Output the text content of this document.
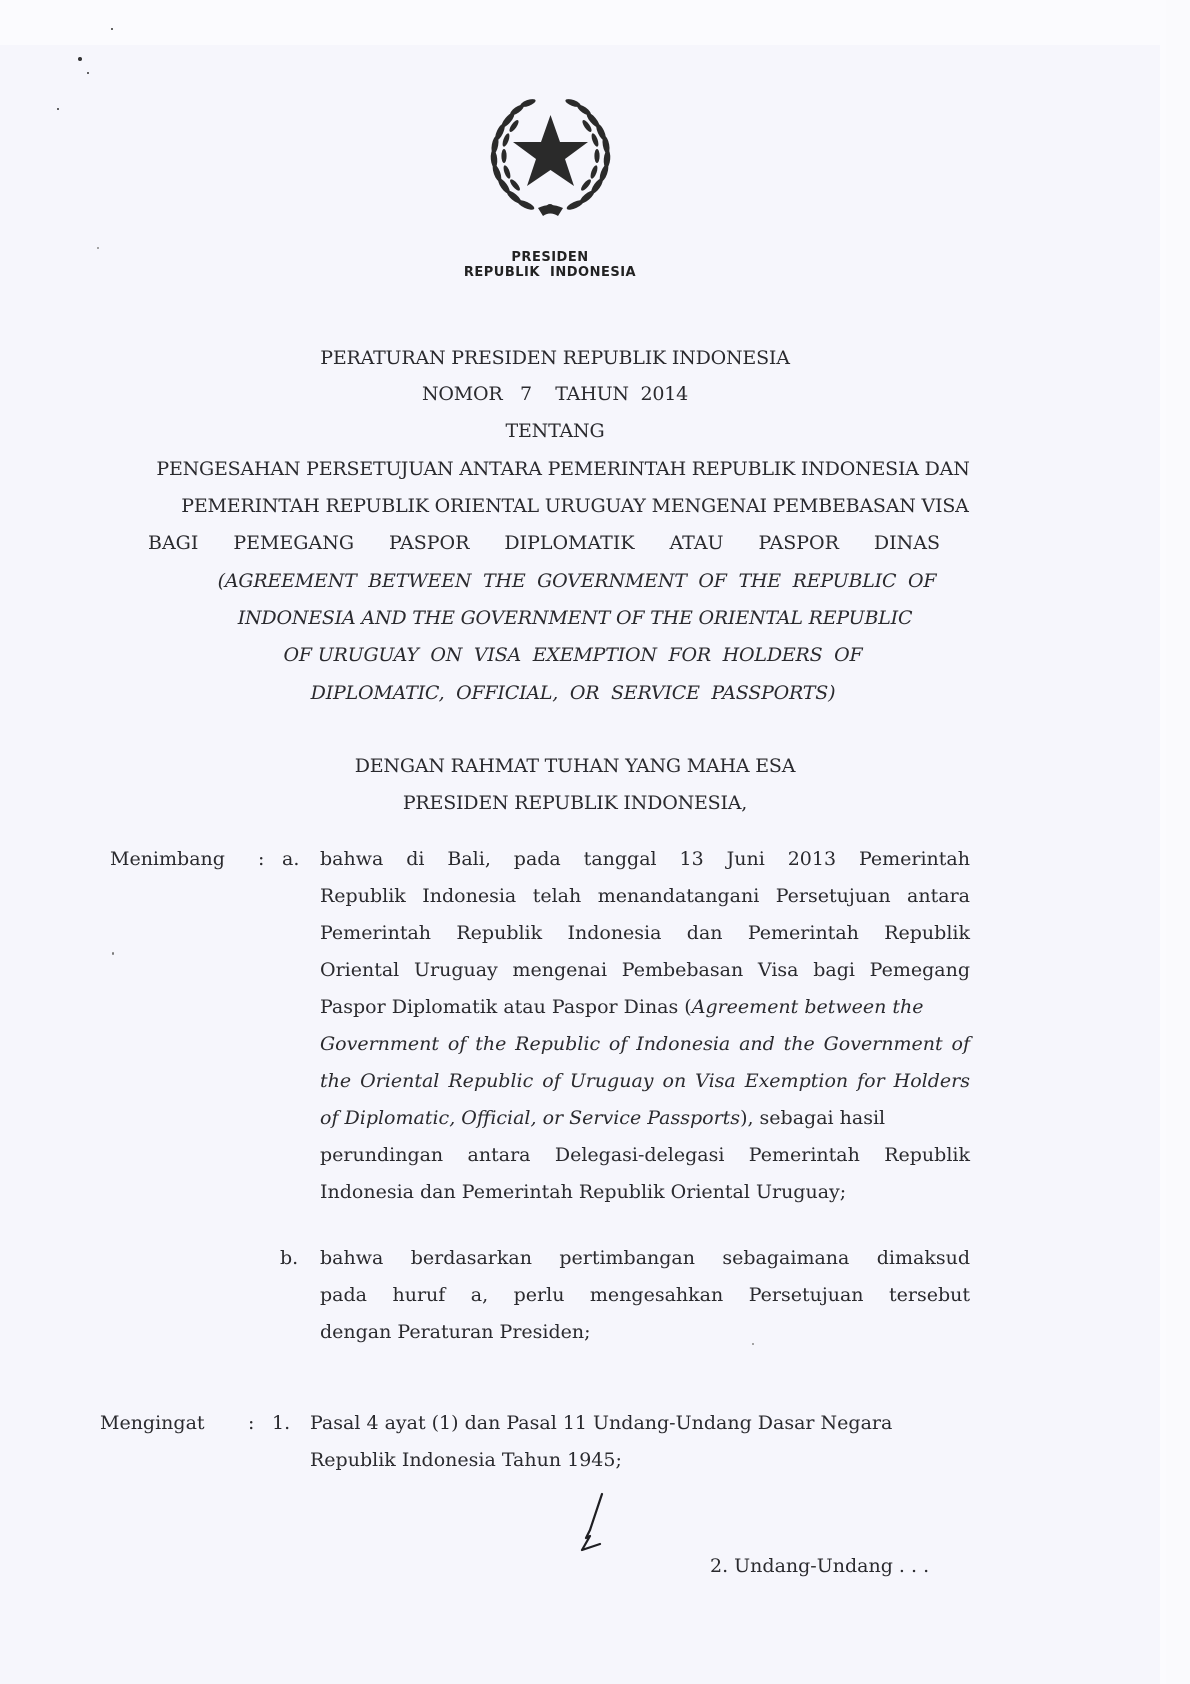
PRESIDEN
REPUBLIK  INDONESIA
PERATURAN PRESIDEN REPUBLIK INDONESIA
NOMOR   7    TAHUN  2014
TENTANG
PENGESAHAN PERSETUJUAN ANTARA PEMERINTAH REPUBLIK INDONESIA DAN
PEMERINTAH REPUBLIK ORIENTAL URUGUAY MENGENAI PEMBEBASAN VISA
BAGI PEMEGANG PASPOR DIPLOMATIK ATAU PASPOR DINAS
(AGREEMENT  BETWEEN  THE  GOVERNMENT  OF  THE  REPUBLIC  OF
INDONESIA AND THE GOVERNMENT OF THE ORIENTAL REPUBLIC
OF URUGUAY  ON  VISA  EXEMPTION  FOR  HOLDERS  OF
DIPLOMATIC,  OFFICIAL,  OR  SERVICE  PASSPORTS)
DENGAN RAHMAT TUHAN YANG MAHA ESA
PRESIDEN REPUBLIK INDONESIA,
Menimbang : a. bahwa di Bali, pada tanggal 13 Juni 2013 Pemerintah
Republik Indonesia telah menandatangani Persetujuan antara
Pemerintah Republik Indonesia dan Pemerintah Republik
Oriental Uruguay mengenai Pembebasan Visa bagi Pemegang
Paspor Diplomatik atau Paspor Dinas (Agreement between the
Government of the Republic of Indonesia and the Government of
the Oriental Republic of Uruguay on Visa Exemption for Holders
of Diplomatic, Official, or Service Passports), sebagai hasil
perundingan antara Delegasi-delegasi Pemerintah Republik
Indonesia dan Pemerintah Republik Oriental Uruguay;
b. bahwa berdasarkan pertimbangan sebagaimana dimaksud
pada huruf a, perlu mengesahkan Persetujuan tersebut
dengan Peraturan Presiden;
Mengingat : 1. Pasal 4 ayat (1) dan Pasal 11 Undang-Undang Dasar Negara
Republik Indonesia Tahun 1945;
2. Undang-Undang . . .
